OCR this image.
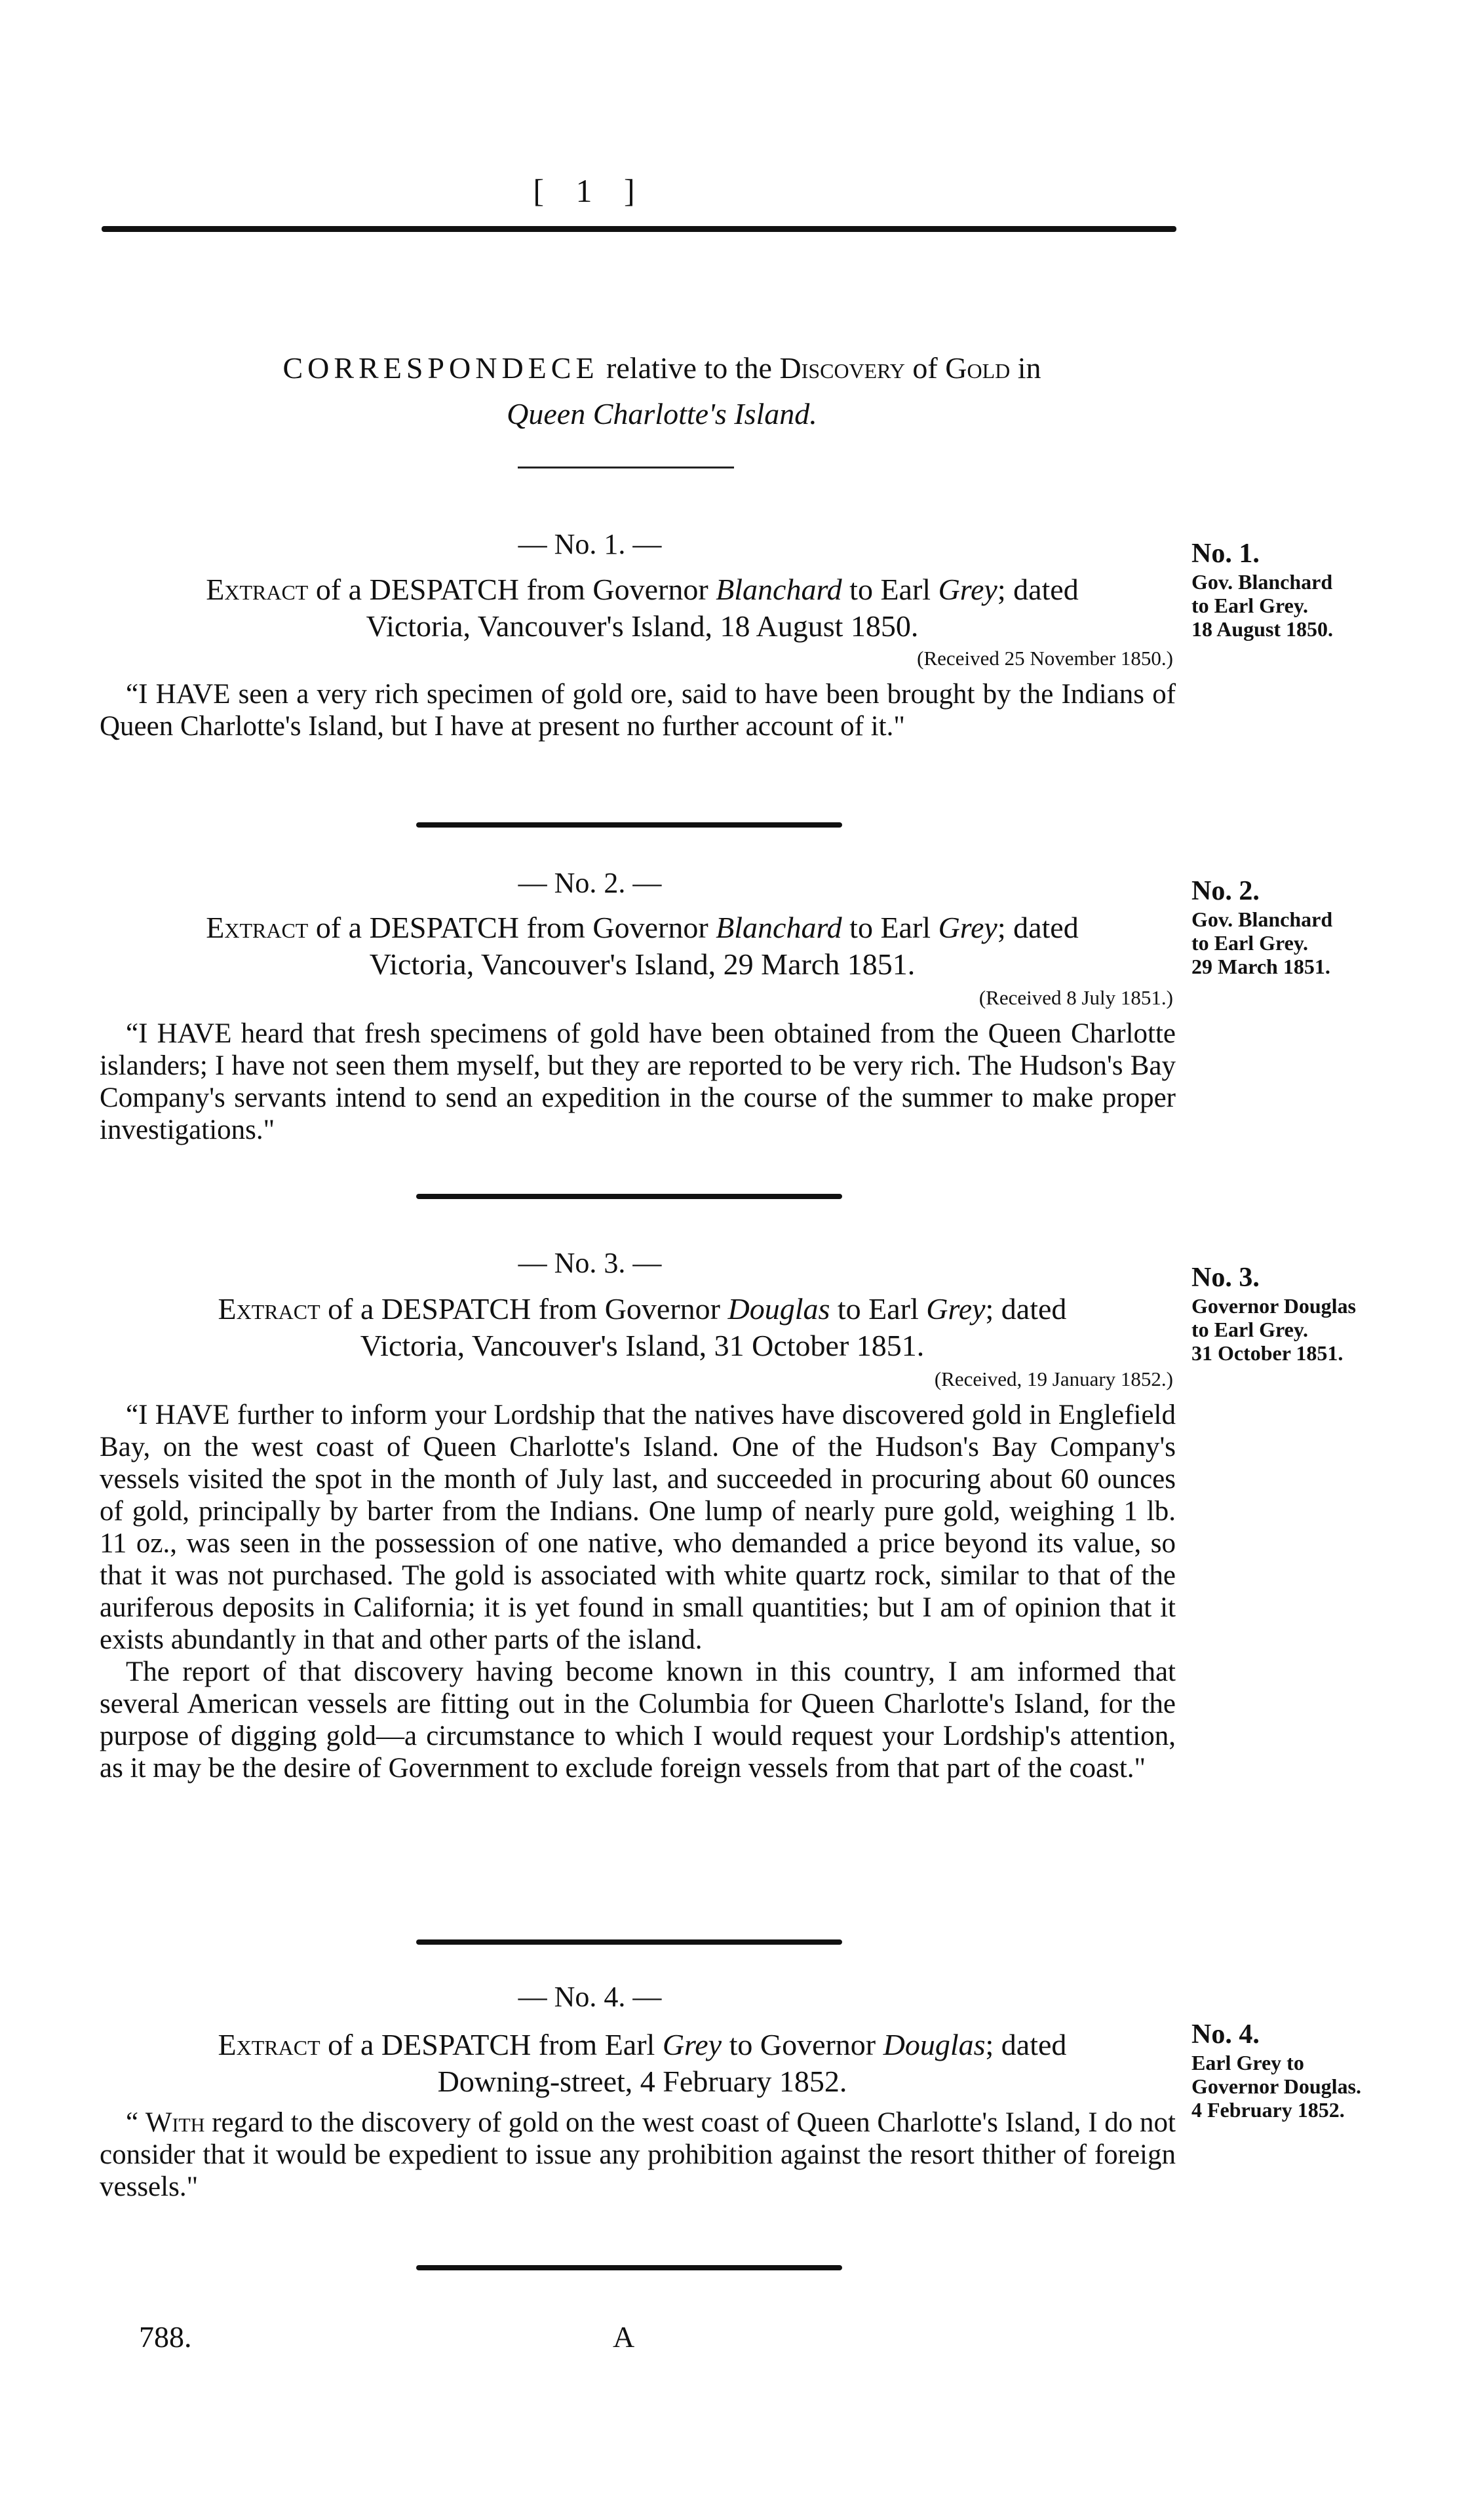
[ 1 ]
CORRESPONDECE relative to the Discovery of Gold in
Queen Charlotte's Island.
— No. 1. —
Extract of a DESPATCH from Governor Blanchard to Earl Grey; dated
Victoria, Vancouver's Island, 18 August 1850.
(Received 25 November 1850.)

“I HAVE seen a very rich specimen of gold ore, said to have been brought by the Indians of Queen Charlotte's Island, but I have at present no further account of it."

No. 1.
Gov. Blanchard
to Earl Grey.
18 August 1850.
— No. 2. —
Extract of a DESPATCH from Governor Blanchard to Earl Grey; dated
Victoria, Vancouver's Island, 29 March 1851.
(Received 8 July 1851.)

“I HAVE heard that fresh specimens of gold have been obtained from the Queen Charlotte islanders; I have not seen them myself, but they are reported to be very rich. The Hudson's Bay Company's servants intend to send an expedition in the course of the summer to make proper investigations."

No. 2.
Gov. Blanchard
to Earl Grey.
29 March 1851.
— No. 3. —
Extract of a DESPATCH from Governor Douglas to Earl Grey; dated
Victoria, Vancouver's Island, 31 October 1851.
(Received, 19 January 1852.)

“I HAVE further to inform your Lordship that the natives have discovered gold in Englefield Bay, on the west coast of Queen Charlotte's Island. One of the Hudson's Bay Company's vessels visited the spot in the month of July last, and succeeded in procuring about 60 ounces of gold, principally by barter from the Indians. One lump of nearly pure gold, weighing 1 lb. 11 oz., was seen in the possession of one native, who demanded a price beyond its value, so that it was not purchased. The gold is associated with white quartz rock, similar to that of the auriferous deposits in California; it is yet found in small quantities; but I am of opinion that it exists abundantly in that and other parts of the island.

The report of that discovery having become known in this country, I am informed that several American vessels are fitting out in the Columbia for Queen Charlotte's Island, for the purpose of digging gold—a circumstance to which I would request your Lordship's attention, as it may be the desire of Government to exclude foreign vessels from that part of the coast."

No. 3.
Governor Douglas
to Earl Grey.
31 October 1851.
— No. 4. —
Extract of a DESPATCH from Earl Grey to Governor Douglas; dated
Downing-street, 4 February 1852.

“ With regard to the discovery of gold on the west coast of Queen Charlotte's Island, I do not consider that it would be expedient to issue any prohibition against the resort thither of foreign vessels."

No. 4.
Earl Grey to
Governor Douglas.
4 February 1852.
788.	A
